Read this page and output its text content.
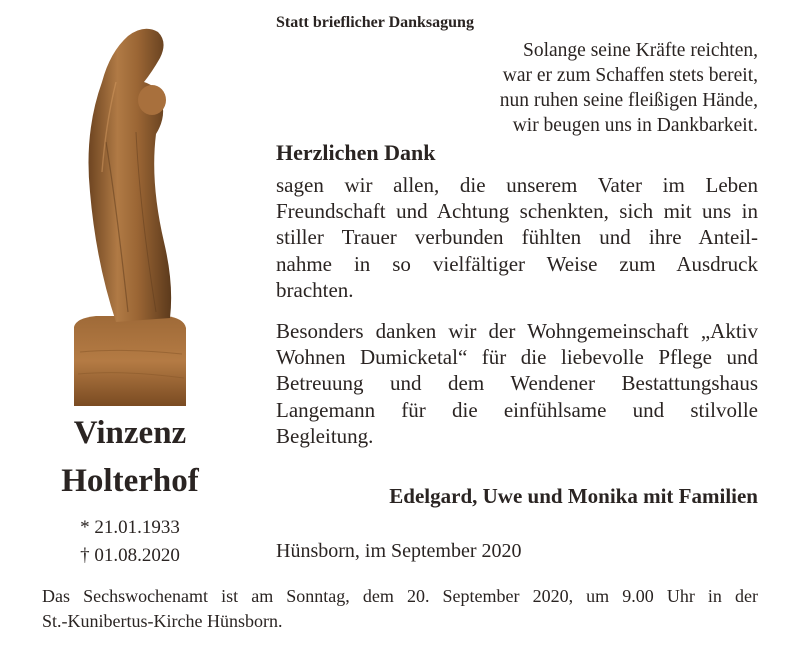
Statt brieflicher Danksagung
Solange seine Kräfte reichten,
war er zum Schaffen stets bereit,
nun ruhen seine fleißigen Hände,
wir beugen uns in Dankbarkeit.
Herzlichen Dank
sagen wir allen, die unserem Vater im Leben
Freundschaft und Achtung schenkten, sich mit uns in
stiller Trauer verbunden fühlten und ihre Anteil-
nahme in so vielfältiger Weise zum Ausdruck
brachten.
Besonders danken wir der Wohngemeinschaft „Aktiv
Wohnen Dumicketal“ für die liebevolle Pflege und
Betreuung und dem Wendener Bestattungshaus
Langemann für die einfühlsame und stilvolle
Begleitung.
Edelgard, Uwe und Monika mit Familien
Hünsborn, im September 2020
Vinzenz
Holterhof
* 21.01.1933
† 01.08.2020
Das Sechswochenamt ist am Sonntag, dem 20. September 2020, um 9.00 Uhr in der
St.-Kunibertus-Kirche Hünsborn.
